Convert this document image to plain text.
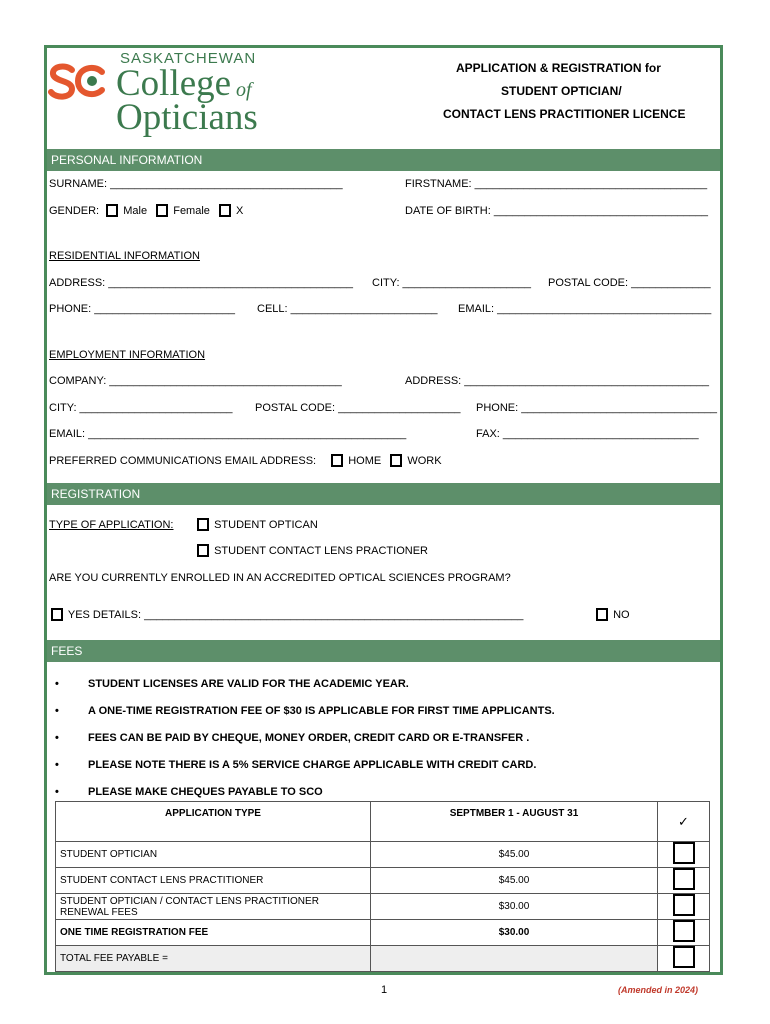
SASKATCHEWAN
College of
Opticians
APPLICATION & REGISTRATION for
STUDENT OPTICIAN/
CONTACT LENS PRACTITIONER LICENCE
PERSONAL INFORMATION
SURNAME: ______________________________________	FIRSTNAME: ______________________________________
GENDER: Male Female X	DATE OF BIRTH: ___________________________________
RESIDENTIAL INFORMATION
ADDRESS: ________________________________________ CITY: _____________________ POSTAL CODE: _____________
PHONE: _______________________ CELL: ________________________ EMAIL: ___________________________________
EMPLOYMENT INFORMATION
COMPANY: ______________________________________	ADDRESS: ________________________________________
CITY: _________________________ POSTAL CODE: ____________________ PHONE: ________________________________
EMAIL: ____________________________________________________	FAX: ________________________________
PREFERRED COMMUNICATIONS EMAIL ADDRESS:	HOME WORK
REGISTRATION
TYPE OF APPLICATION:	STUDENT OPTICAN
STUDENT CONTACT LENS PRACTIONER
ARE YOU CURRENTLY ENROLLED IN AN ACCREDITED OPTICAL SCIENCES PROGRAM?
YES DETAILS: ______________________________________________________________	NO
FEES
•	STUDENT LICENSES ARE VALID FOR THE ACADEMIC YEAR.
•	A ONE-TIME REGISTRATION FEE OF $30 IS APPLICABLE FOR FIRST TIME APPLICANTS.
•	FEES CAN BE PAID BY CHEQUE, MONEY ORDER, CREDIT CARD OR E-TRANSFER .
•	PLEASE NOTE THERE IS A 5% SERVICE CHARGE APPLICABLE WITH CREDIT CARD.
•	PLEASE MAKE CHEQUES PAYABLE TO SCO
APPLICATION TYPE	SEPTMBER 1 - AUGUST 31	✓
STUDENT OPTICIAN	$45.00	
STUDENT CONTACT LENS PRACTITIONER	$45.00	
STUDENT OPTICIAN / CONTACT LENS PRACTITIONER RENEWAL FEES	$30.00	
ONE TIME REGISTRATION FEE	$30.00	
TOTAL FEE PAYABLE =		
1	(Amended in 2024)
